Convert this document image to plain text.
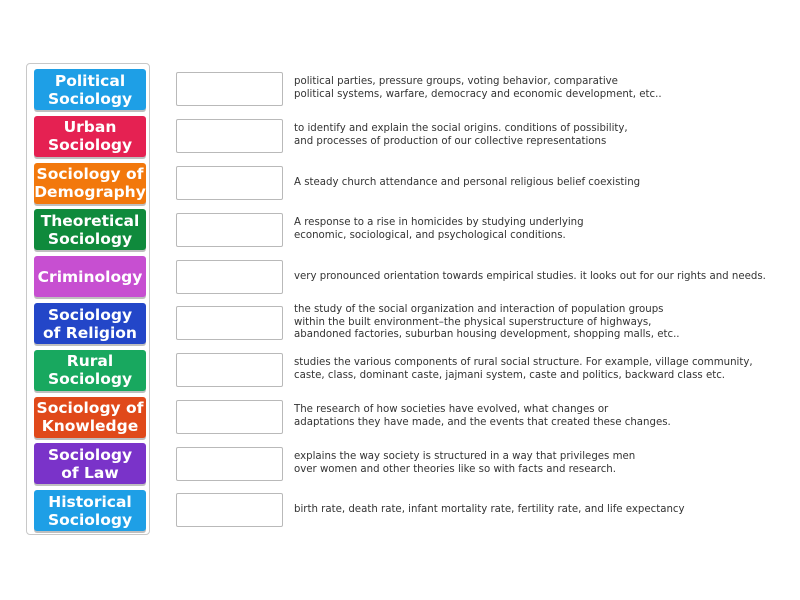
Political
Sociology
Urban
Sociology
Sociology of
Demography
Theoretical
Sociology
Criminology
Sociology
of Religion
Rural
Sociology
Sociology of
Knowledge
Sociology
of Law
Historical
Sociology
political parties, pressure groups, voting behavior, comparative
political systems, warfare, democracy and economic development, etc..
to identify and explain the social origins. conditions of possibility,
and processes of production of our collective representations
A steady church attendance and personal religious belief coexisting
A response to a rise in homicides by studying underlying
economic, sociological, and psychological conditions.
very pronounced orientation towards empirical studies. it looks out for our rights and needs.
the study of the social organization and interaction of population groups
within the built environment–the physical superstructure of highways,
abandoned factories, suburban housing development, shopping malls, etc..
studies the various components of rural social structure. For example, village community,
caste, class, dominant caste, jajmani system, caste and politics, backward class etc.
The research of how societies have evolved, what changes or
adaptations they have made, and the events that created these changes.
explains the way society is structured in a way that privileges men
over women and other theories like so with facts and research.
birth rate, death rate, infant mortality rate, fertility rate, and life expectancy
